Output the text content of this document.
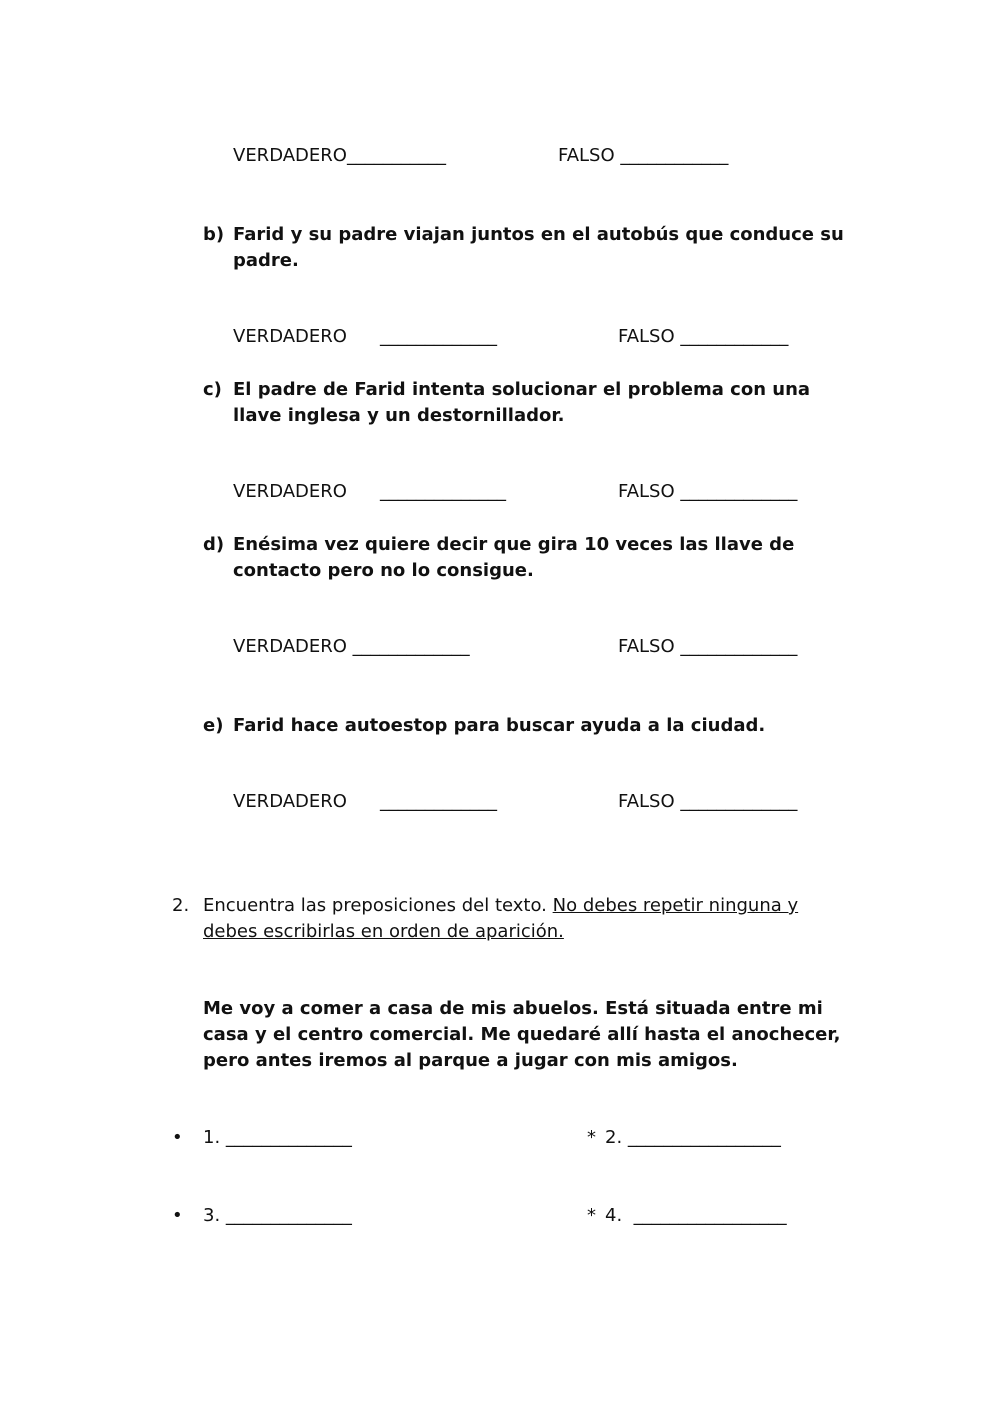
VERDADERO___________	FALSO ____________
b) Farid y su padre viajan juntos en el autobús que conduce su padre.
VERDADERO _____________	FALSO ____________
c) El padre de Farid intenta solucionar el problema con una llave inglesa y un destornillador.
VERDADERO ______________	FALSO _____________
d) Enésima vez quiere decir que gira 10 veces las llave de contacto pero no lo consigue.
VERDADERO _____________	FALSO _____________
e) Farid hace autoestop para buscar ayuda a la ciudad.
VERDADERO _____________	FALSO _____________
2. Encuentra las preposiciones del texto. No debes repetir ninguna y debes escribirlas en orden de aparición.
Me voy a comer a casa de mis abuelos. Está situada entre mi casa y el centro comercial. Me quedaré allí hasta el anochecer, pero antes iremos al parque a jugar con mis amigos.
• 1. ______________	* 2. _________________
• 3. ______________	* 4.  _________________
